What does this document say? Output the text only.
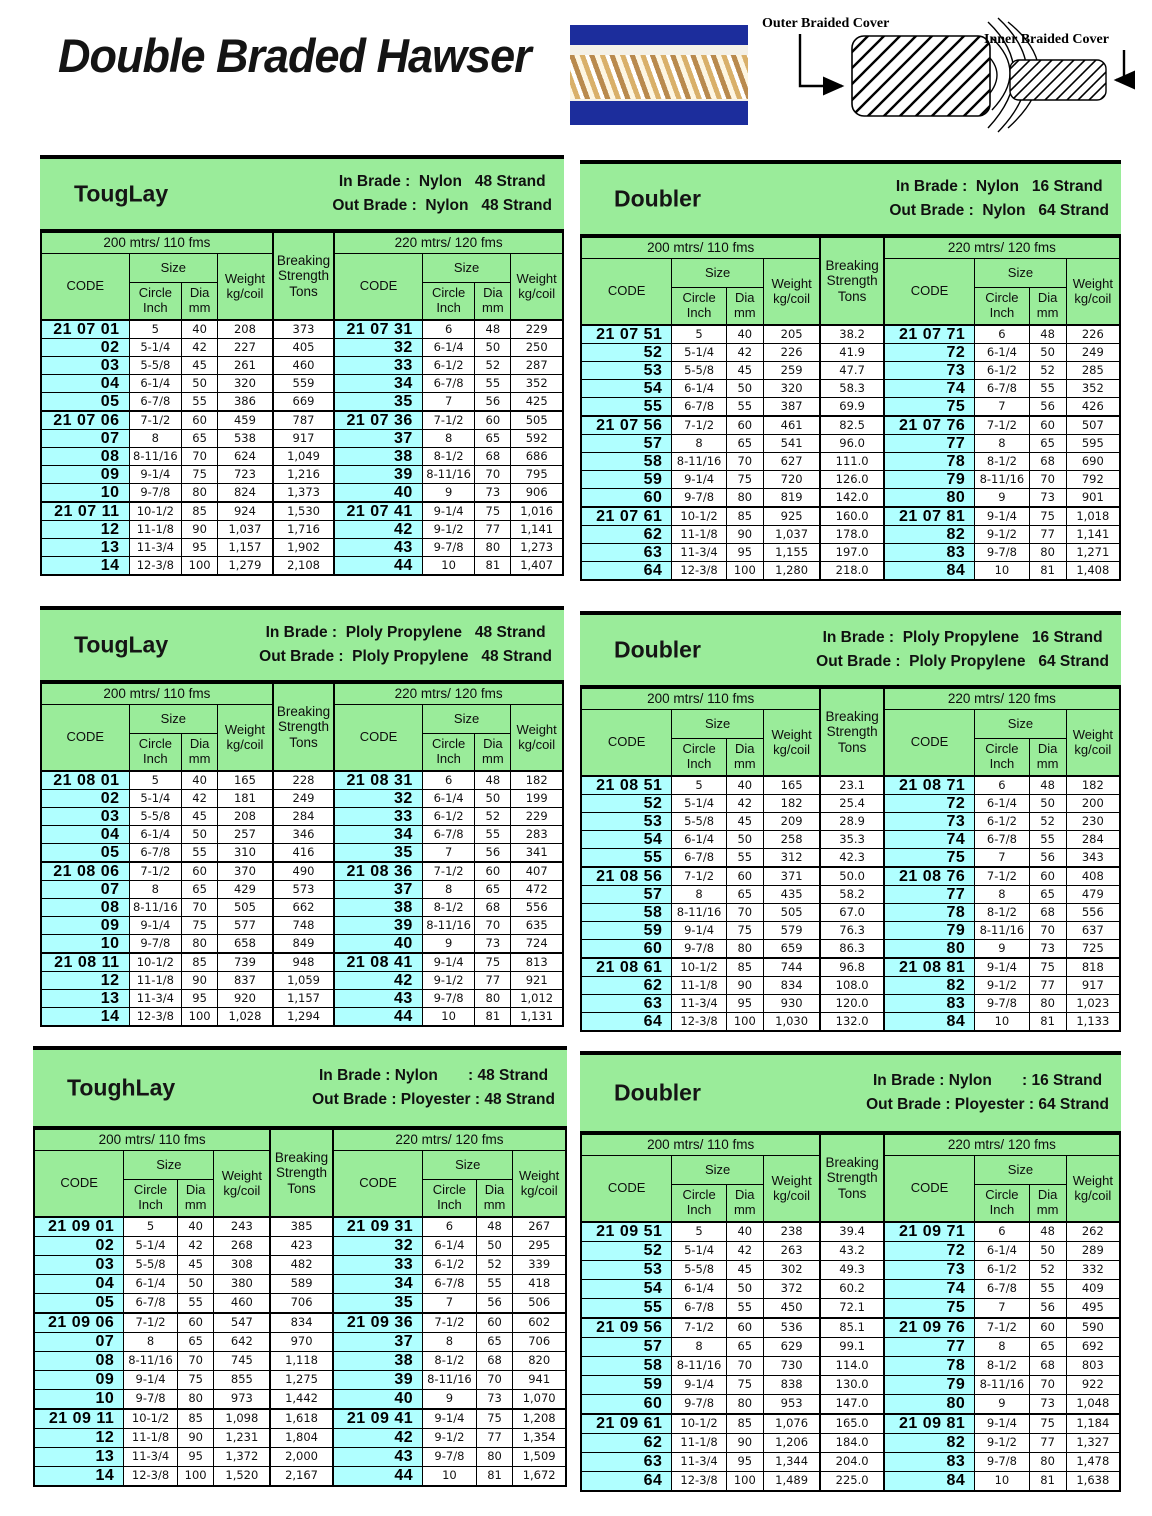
Double Braded Hawser
Outer Braided Cover
Inner Braided Cover
TougLay	In Brade :  Nylon   48 Strand
Out Brade :  Nylon   48 Strand
200 mtrs/ 110 fms				Breaking Strength Tons	220 mtrs/ 120 fms			
CODE	Size		Weight kg/coil		CODE	Size		Weight kg/coil
	Circle Inch	Dia mm				Circle Inch	Dia mm	
21 07 01	5	40	208	373	21 07 31	6	48	229
02	5-1/4	42	227	405	32	6-1/4	50	250
03	5-5/8	45	261	460	33	6-1/2	52	287
04	6-1/4	50	320	559	34	6-7/8	55	352
05	6-7/8	55	386	669	35	7	56	425
21 07 06	7-1/2	60	459	787	21 07 36	7-1/2	60	505
07	8	65	538	917	37	8	65	592
08	8-11/16	70	624	1,049	38	8-1/2	68	686
09	9-1/4	75	723	1,216	39	8-11/16	70	795
10	9-7/8	80	824	1,373	40	9	73	906
21 07 11	10-1/2	85	924	1,530	21 07 41	9-1/4	75	1,016
12	11-1/8	90	1,037	1,716	42	9-1/2	77	1,141
13	11-3/4	95	1,157	1,902	43	9-7/8	80	1,273
14	12-3/8	100	1,279	2,108	44	10	81	1,407
Doubler	In Brade :  Nylon   16 Strand
Out Brade :  Nylon   64 Strand
200 mtrs/ 110 fms				Breaking Strength Tons	220 mtrs/ 120 fms			
CODE	Size		Weight kg/coil		CODE	Size		Weight kg/coil
	Circle Inch	Dia mm				Circle Inch	Dia mm	
21 07 51	5	40	205	38.2	21 07 71	6	48	226
52	5-1/4	42	226	41.9	72	6-1/4	50	249
53	5-5/8	45	259	47.7	73	6-1/2	52	285
54	6-1/4	50	320	58.3	74	6-7/8	55	352
55	6-7/8	55	387	69.9	75	7	56	426
21 07 56	7-1/2	60	461	82.5	21 07 76	7-1/2	60	507
57	8	65	541	96.0	77	8	65	595
58	8-11/16	70	627	111.0	78	8-1/2	68	690
59	9-1/4	75	720	126.0	79	8-11/16	70	792
60	9-7/8	80	819	142.0	80	9	73	901
21 07 61	10-1/2	85	925	160.0	21 07 81	9-1/4	75	1,018
62	11-1/8	90	1,037	178.0	82	9-1/2	77	1,141
63	11-3/4	95	1,155	197.0	83	9-7/8	80	1,271
64	12-3/8	100	1,280	218.0	84	10	81	1,408
TougLay	In Brade :  Ploly Propylene   48 Strand
Out Brade :  Ploly Propylene   48 Strand
200 mtrs/ 110 fms				Breaking Strength Tons	220 mtrs/ 120 fms			
CODE	Size		Weight kg/coil		CODE	Size		Weight kg/coil
	Circle Inch	Dia mm				Circle Inch	Dia mm	
21 08 01	5	40	165	228	21 08 31	6	48	182
02	5-1/4	42	181	249	32	6-1/4	50	199
03	5-5/8	45	208	284	33	6-1/2	52	229
04	6-1/4	50	257	346	34	6-7/8	55	283
05	6-7/8	55	310	416	35	7	56	341
21 08 06	7-1/2	60	370	490	21 08 36	7-1/2	60	407
07	8	65	429	573	37	8	65	472
08	8-11/16	70	505	662	38	8-1/2	68	556
09	9-1/4	75	577	748	39	8-11/16	70	635
10	9-7/8	80	658	849	40	9	73	724
21 08 11	10-1/2	85	739	948	21 08 41	9-1/4	75	813
12	11-1/8	90	837	1,059	42	9-1/2	77	921
13	11-3/4	95	920	1,157	43	9-7/8	80	1,012
14	12-3/8	100	1,028	1,294	44	10	81	1,131
Doubler	In Brade :  Ploly Propylene   16 Strand
Out Brade :  Ploly Propylene   64 Strand
200 mtrs/ 110 fms				Breaking Strength Tons	220 mtrs/ 120 fms			
CODE	Size		Weight kg/coil		CODE	Size		Weight kg/coil
	Circle Inch	Dia mm				Circle Inch	Dia mm	
21 08 51	5	40	165	23.1	21 08 71	6	48	182
52	5-1/4	42	182	25.4	72	6-1/4	50	200
53	5-5/8	45	209	28.9	73	6-1/2	52	230
54	6-1/4	50	258	35.3	74	6-7/8	55	284
55	6-7/8	55	312	42.3	75	7	56	343
21 08 56	7-1/2	60	371	50.0	21 08 76	7-1/2	60	408
57	8	65	435	58.2	77	8	65	479
58	8-11/16	70	505	67.0	78	8-1/2	68	556
59	9-1/4	75	579	76.3	79	8-11/16	70	637
60	9-7/8	80	659	86.3	80	9	73	725
21 08 61	10-1/2	85	744	96.8	21 08 81	9-1/4	75	818
62	11-1/8	90	834	108.0	82	9-1/2	77	917
63	11-3/4	95	930	120.0	83	9-7/8	80	1,023
64	12-3/8	100	1,030	132.0	84	10	81	1,133
ToughLay	In Brade : Nylon       : 48 Strand
Out Brade : Ployester : 48 Strand
200 mtrs/ 110 fms				Breaking Strength Tons	220 mtrs/ 120 fms			
CODE	Size		Weight kg/coil		CODE	Size		Weight kg/coil
	Circle Inch	Dia mm				Circle Inch	Dia mm	
21 09 01	5	40	243	385	21 09 31	6	48	267
02	5-1/4	42	268	423	32	6-1/4	50	295
03	5-5/8	45	308	482	33	6-1/2	52	339
04	6-1/4	50	380	589	34	6-7/8	55	418
05	6-7/8	55	460	706	35	7	56	506
21 09 06	7-1/2	60	547	834	21 09 36	7-1/2	60	602
07	8	65	642	970	37	8	65	706
08	8-11/16	70	745	1,118	38	8-1/2	68	820
09	9-1/4	75	855	1,275	39	8-11/16	70	941
10	9-7/8	80	973	1,442	40	9	73	1,070
21 09 11	10-1/2	85	1,098	1,618	21 09 41	9-1/4	75	1,208
12	11-1/8	90	1,231	1,804	42	9-1/2	77	1,354
13	11-3/4	95	1,372	2,000	43	9-7/8	80	1,509
14	12-3/8	100	1,520	2,167	44	10	81	1,672
Doubler	In Brade : Nylon       : 16 Strand
Out Brade : Ployester : 64 Strand
200 mtrs/ 110 fms				Breaking Strength Tons	220 mtrs/ 120 fms			
CODE	Size		Weight kg/coil		CODE	Size		Weight kg/coil
	Circle Inch	Dia mm				Circle Inch	Dia mm	
21 09 51	5	40	238	39.4	21 09 71	6	48	262
52	5-1/4	42	263	43.2	72	6-1/4	50	289
53	5-5/8	45	302	49.3	73	6-1/2	52	332
54	6-1/4	50	372	60.2	74	6-7/8	55	409
55	6-7/8	55	450	72.1	75	7	56	495
21 09 56	7-1/2	60	536	85.1	21 09 76	7-1/2	60	590
57	8	65	629	99.1	77	8	65	692
58	8-11/16	70	730	114.0	78	8-1/2	68	803
59	9-1/4	75	838	130.0	79	8-11/16	70	922
60	9-7/8	80	953	147.0	80	9	73	1,048
21 09 61	10-1/2	85	1,076	165.0	21 09 81	9-1/4	75	1,184
62	11-1/8	90	1,206	184.0	82	9-1/2	77	1,327
63	11-3/4	95	1,344	204.0	83	9-7/8	80	1,478
64	12-3/8	100	1,489	225.0	84	10	81	1,638
